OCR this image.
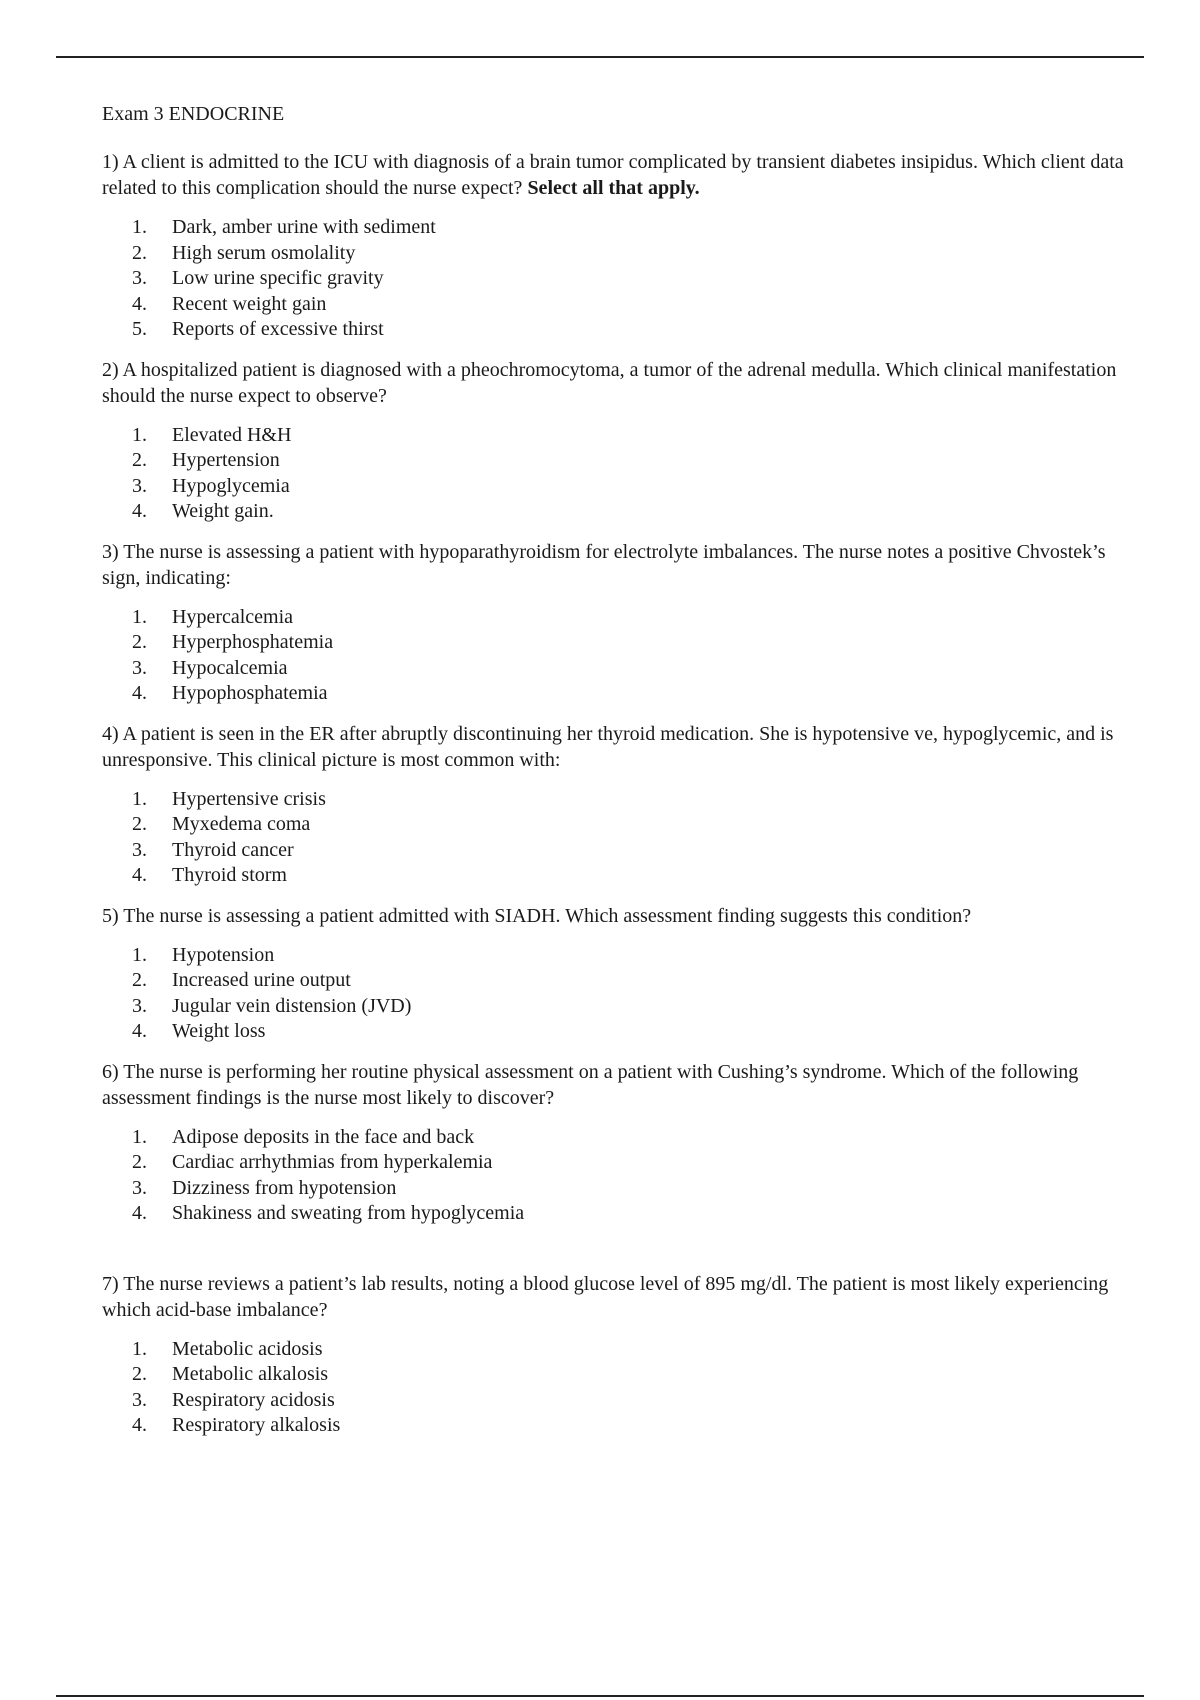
Exam 3 ENDOCRINE

1) A client is admitted to the ICU with diagnosis of a brain tumor complicated by transient diabetes insipidus. Which client data related to this complication should the nurse expect? Select all that apply.

1.	Dark, amber urine with sediment
2.	High serum osmolality
3.	Low urine specific gravity
4.	Recent weight gain
5.	Reports of excessive thirst

2) A hospitalized patient is diagnosed with a pheochromocytoma, a tumor of the adrenal medulla. Which clinical manifestation should the nurse expect to observe?

1.	Elevated H&H
2.	Hypertension
3.	Hypoglycemia
4.	Weight gain.

3) The nurse is assessing a patient with hypoparathyroidism for electrolyte imbalances. The nurse notes a positive Chvostek’s sign, indicating:

1.	Hypercalcemia
2.	Hyperphosphatemia
3.	Hypocalcemia
4.	Hypophosphatemia

4) A patient is seen in the ER after abruptly discontinuing her thyroid medication. She is hypotensive ve, hypoglycemic, and is unresponsive. This clinical picture is most common with:

1.	Hypertensive crisis
2.	Myxedema coma
3.	Thyroid cancer
4.	Thyroid storm

5) The nurse is assessing a patient admitted with SIADH. Which assessment finding suggests this condition?

1.	Hypotension
2.	Increased urine output
3.	Jugular vein distension (JVD)
4.	Weight loss

6) The nurse is performing her routine physical assessment on a patient with Cushing’s syndrome. Which of the following assessment findings is the nurse most likely to discover?

1.	Adipose deposits in the face and back
2.	Cardiac arrhythmias from hyperkalemia
3.	Dizziness from hypotension
4.	Shakiness and sweating from hypoglycemia

7) The nurse reviews a patient’s lab results, noting a blood glucose level of 895 mg/dl. The patient is most likely experiencing which acid-base imbalance?

1.	Metabolic acidosis
2.	Metabolic alkalosis
3.	Respiratory acidosis
4.	Respiratory alkalosis
